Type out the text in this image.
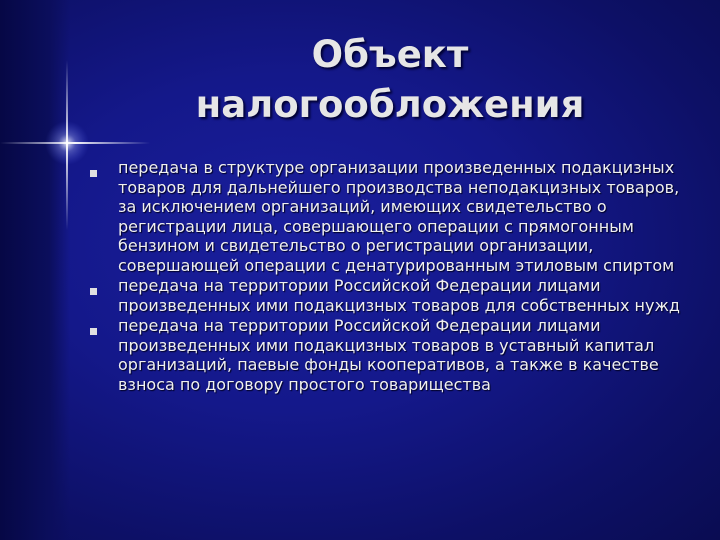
Объект
налогообложения
передача в структуре организации произведенных подакцизных товаров для дальнейшего производства неподакцизных товаров, за исключением организаций, имеющих свидетельство о регистрации лица, совершающего операции с прямогонным бензином и свидетельство о регистрации организации, совершающей операции с денатурированным этиловым спиртом
передача на территории Российской Федерации лицами произведенных ими подакцизных товаров для собственных нужд
передача на территории Российской Федерации лицами произведенных ими подакцизных товаров в уставный капитал организаций, паевые фонды кооперативов, а также в качестве взноса по договору простого товарищества
